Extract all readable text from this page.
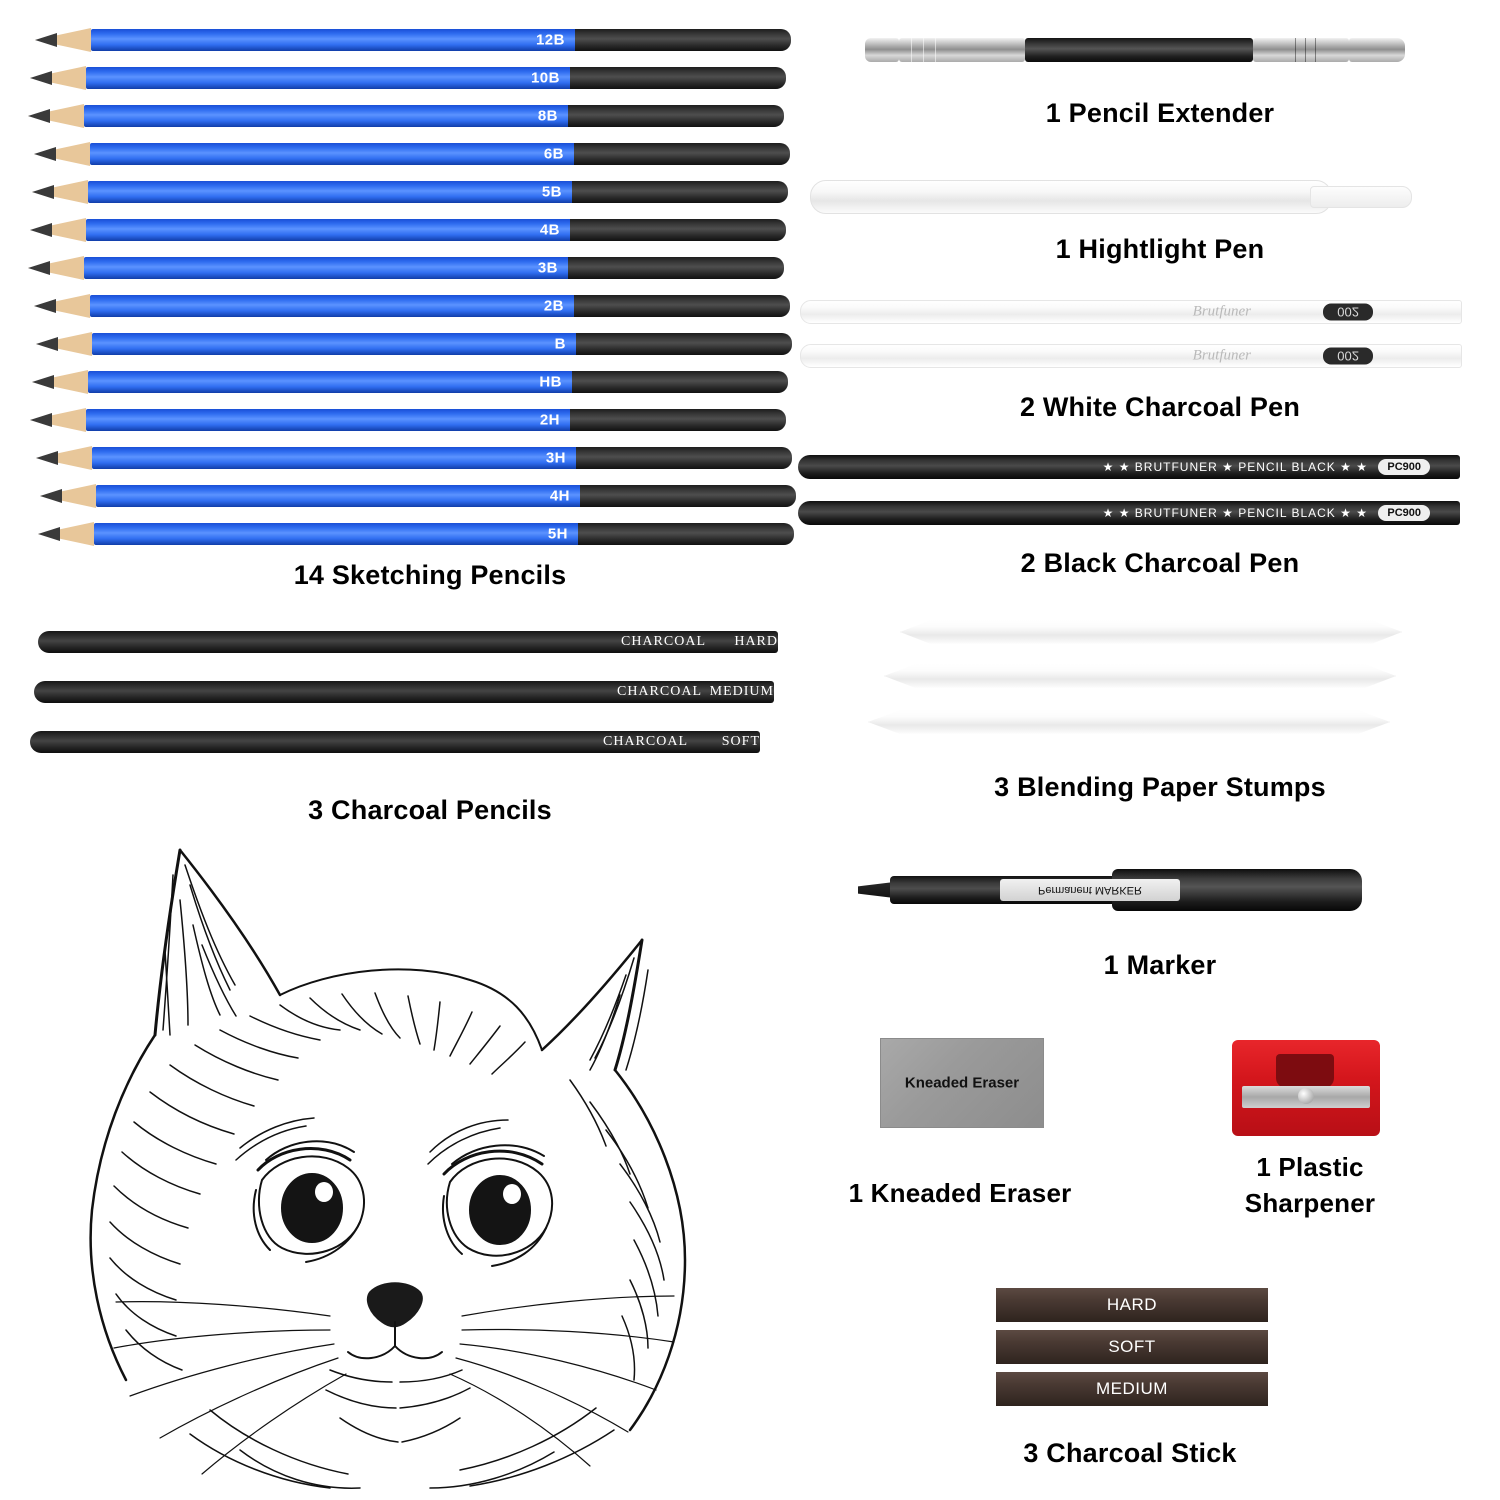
12B
10B
8B
6B
5B
4B
3B
2B
B
HB
2H
3H
4H
5H
14 Sketching Pencils
CHARCOAL HARD
CHARCOAL MEDIUM
CHARCOAL SOFT
3 Charcoal Pencils
1 Pencil Extender
1 Hightlight Pen
Brutfuner	002
Brutfuner	002
2 White Charcoal Pen
★ ★ BRUTFUNER ★ PENCIL BLACK ★ ★	PC900
★ ★ BRUTFUNER ★ PENCIL BLACK ★ ★	PC900
2 Black Charcoal Pen
3 Blending Paper Stumps
Permanent MARKER
1 Marker
Kneaded Eraser
1 Kneaded Eraser
1 Plastic
Sharpener
HARD
SOFT
MEDIUM
3 Charcoal Stick
